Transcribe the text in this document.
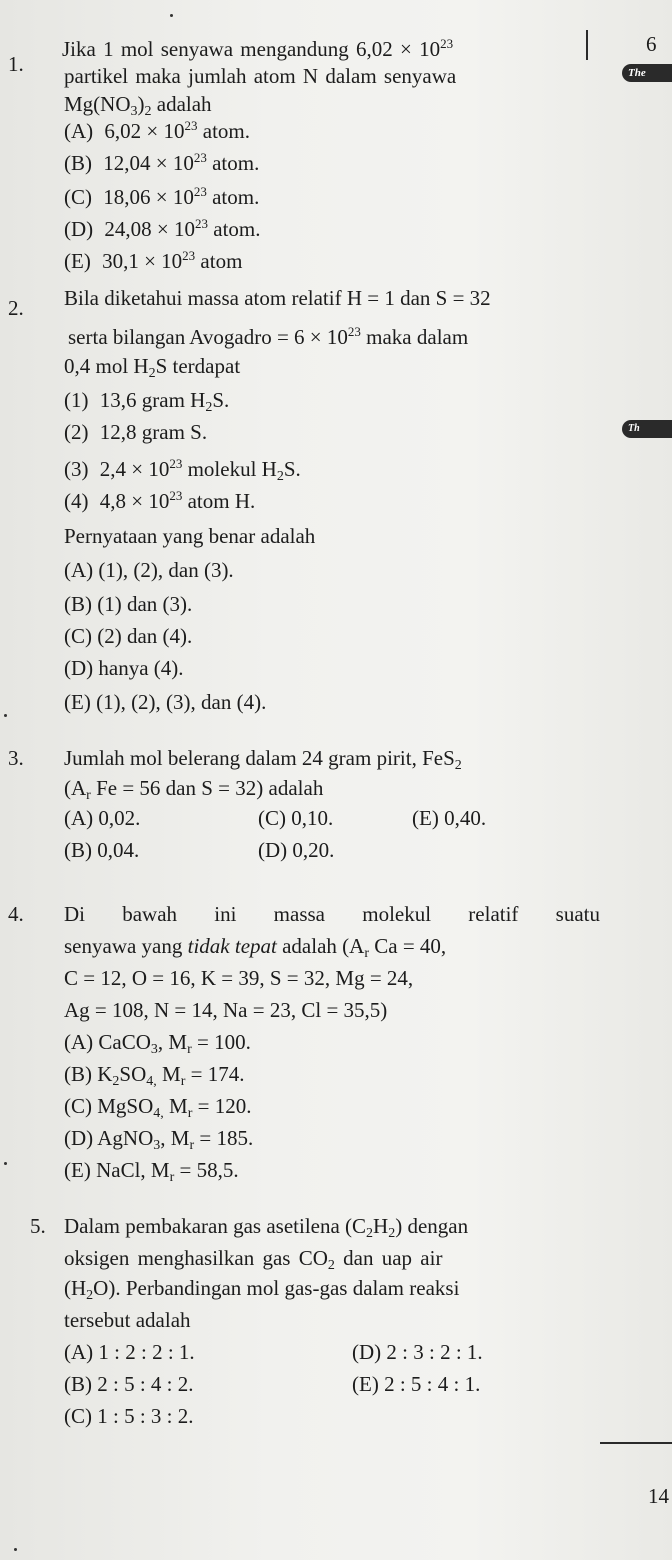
6
The
Th
14
1.
Jika 1 mol senyawa mengandung $6,02 \times 10^{23}$
partikel maka jumlah atom N dalam senyawa
$Mg(NO_3)_2$ adalah
(A) $6,02 \times 10^{23}$ atom.
(B) $12,04 \times 10^{23}$ atom.
(C) $18,06 \times 10^{23}$ atom.
(D) $24,08 \times 10^{23}$ atom.
(E) $30,1 \times 10^{23}$ atom
2. Bila diketahui massa atom relatif H = 1 dan S = 32
serta bilangan Avogadro = $6 \times 10^{23}$ maka dalam
0,4 mol $H_2S$ terdapat
(1) 13,6 gram $H_2S$.
(2) 12,8 gram S.
(3) $2,4 \times 10^{23}$ molekul $H_2S$.
(4) $4,8 \times 10^{23}$ atom H.
Pernyataan yang benar adalah
(A) (1), (2), dan (3).
(B) (1) dan (3).
(C) (2) dan (4).
(D) hanya (4).
(E) (1), (2), (3), dan (4).
3. Jumlah mol belerang dalam 24 gram pirit, FeS$_2$
($A_r$ Fe = 56 dan S = 32) adalah
(A) 0,02.
(B) 0,04.
(C) 0,10.
(D) 0,20.
(E) 0,40.
4. Di bawah ini massa molekul relatif suatu
senyawa yang tidak tepat adalah ($A_r$ Ca = 40,
C = 12, O = 16, K = 39, S = 32, Mg = 24,
Ag = 108, N = 14, Na = 23, Cl = 35,5)
(A) CaCO$_3$, $M_r = 100$.
(B) $K_2SO_{4,}$ $M_r = 174$.
(C) MgSO$_{4,}$ $M_r = 120$.
(D) AgNO$_3$, $M_r = 185$.
(E) NaCl, $M_r = 58,5$.
5. Dalam pembakaran gas asetilena $(C_2H_2)$ dengan
oksigen menghasilkan gas $CO_2$ dan uap air
$(H_2O)$. Perbandingan mol gas-gas dalam reaksi
tersebut adalah
(A) 1 : 2 : 2 : 1.
(B) 2 : 5 : 4 : 2.
(C) 1 : 5 : 3 : 2.
(D) 2 : 3 : 2 : 1.
(E) 2 : 5 : 4 : 1.
